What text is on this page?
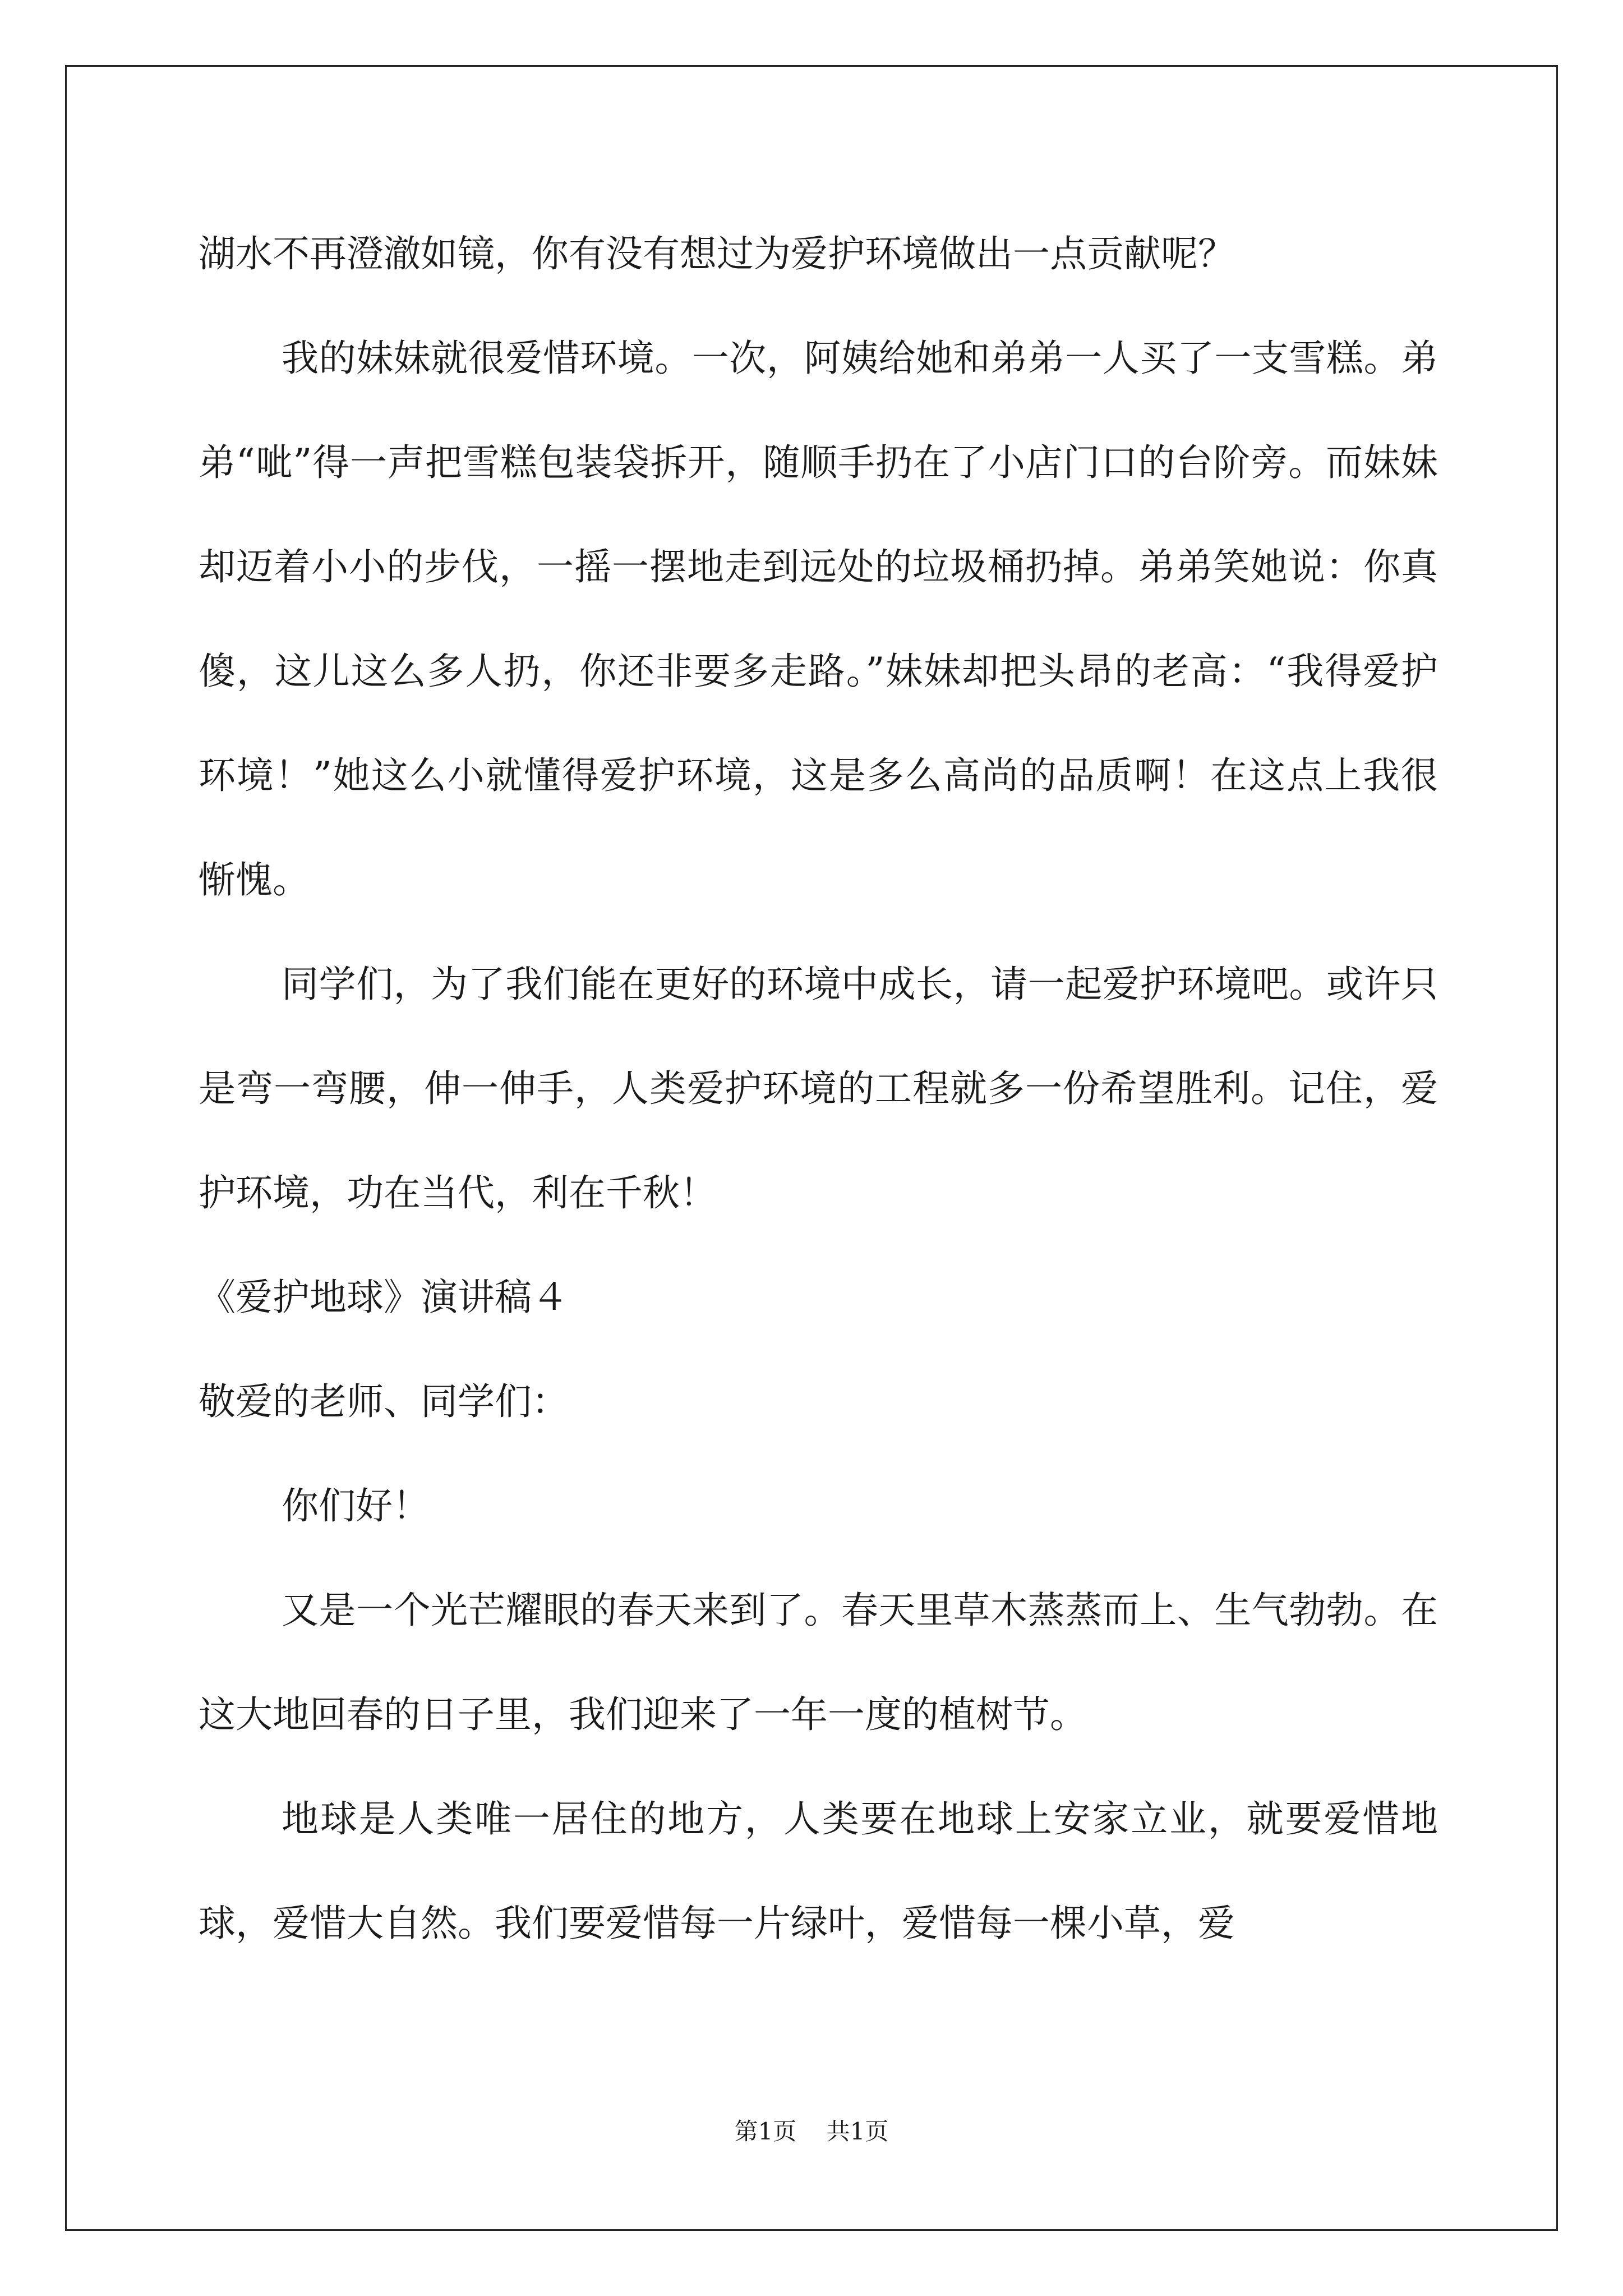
湖水不再澄澈如镜，你有没有想过为爱护环境做出一点贡献呢？

我的妹妹就很爱惜环境。一次，阿姨给她和弟弟一人买了一支雪糕。弟弟“呲”得一声把雪糕包装袋拆开，随顺手扔在了小店门口的台阶旁。而妹妹却迈着小小的步伐，一摇一摆地走到远处的垃圾桶扔掉。弟弟笑她说：你真傻，这儿这么多人扔，你还非要多走路。”妹妹却把头昂的老高：“我得爱护环境！”她这么小就懂得爱护环境，这是多么高尚的品质啊！在这点上我很惭愧。

同学们，为了我们能在更好的环境中成长，请一起爱护环境吧。或许只是弯一弯腰，伸一伸手，人类爱护环境的工程就多一份希望胜利。记住，爱护环境，功在当代，利在千秋！

《爱护地球》演讲稿４

敬爱的老师、同学们：

你们好！

又是一个光芒耀眼的春天来到了。春天里草木蒸蒸而上、生气勃勃。在这大地回春的日子里，我们迎来了一年一度的植树节。

地球是人类唯一居住的地方，人类要在地球上安家立业，就要爱惜地球，爱惜大自然。我们要爱惜每一片绿叶，爱惜每一棵小草，爱

第1页 共1页
